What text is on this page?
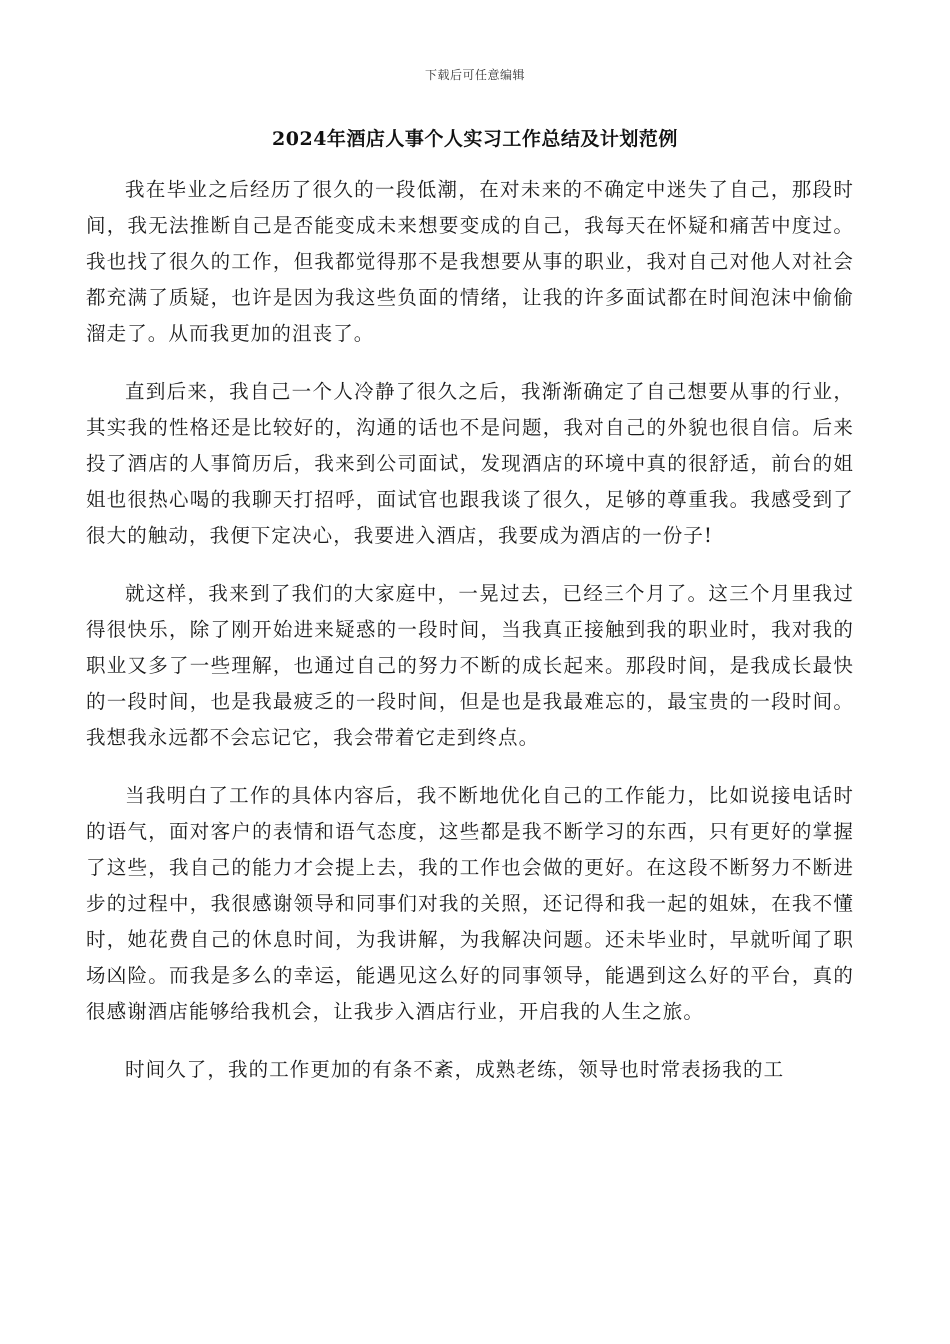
下载后可任意编辑
2024年酒店人事个人实习工作总结及计划范例

我在毕业之后经历了很久的一段低潮，在对未来的不确定中迷失了自己，那段时间，我无法推断自己是否能变成未来想要变成的自己，我每天在怀疑和痛苦中度过。我也找了很久的工作，但我都觉得那不是我想要从事的职业，我对自己对他人对社会都充满了质疑，也许是因为我这些负面的情绪，让我的许多面试都在时间泡沫中偷偷溜走了。从而我更加的沮丧了。

直到后来，我自己一个人冷静了很久之后，我渐渐确定了自己想要从事的行业，其实我的性格还是比较好的，沟通的话也不是问题，我对自己的外貌也很自信。后来投了酒店的人事简历后，我来到公司面试，发现酒店的环境中真的很舒适，前台的姐姐也很热心喝的我聊天打招呼，面试官也跟我谈了很久，足够的尊重我。我感受到了很大的触动，我便下定决心，我要进入酒店，我要成为酒店的一份子!

就这样，我来到了我们的大家庭中，一晃过去，已经三个月了。这三个月里我过得很快乐，除了刚开始进来疑惑的一段时间，当我真正接触到我的职业时，我对我的职业又多了一些理解，也通过自己的努力不断的成长起来。那段时间，是我成长最快的一段时间，也是我最疲乏的一段时间，但是也是我最难忘的，最宝贵的一段时间。我想我永远都不会忘记它，我会带着它走到终点。

当我明白了工作的具体内容后，我不断地优化自己的工作能力，比如说接电话时的语气，面对客户的表情和语气态度，这些都是我不断学习的东西，只有更好的掌握了这些，我自己的能力才会提上去，我的工作也会做的更好。在这段不断努力不断进步的过程中，我很感谢领导和同事们对我的关照，还记得和我一起的姐妹，在我不懂时，她花费自己的休息时间，为我讲解，为我解决问题。还未毕业时，早就听闻了职场凶险。而我是多么的幸运，能遇见这么好的同事领导，能遇到这么好的平台，真的很感谢酒店能够给我机会，让我步入酒店行业，开启我的人生之旅。

时间久了，我的工作更加的有条不紊，成熟老练，领导也时常表扬我的工
